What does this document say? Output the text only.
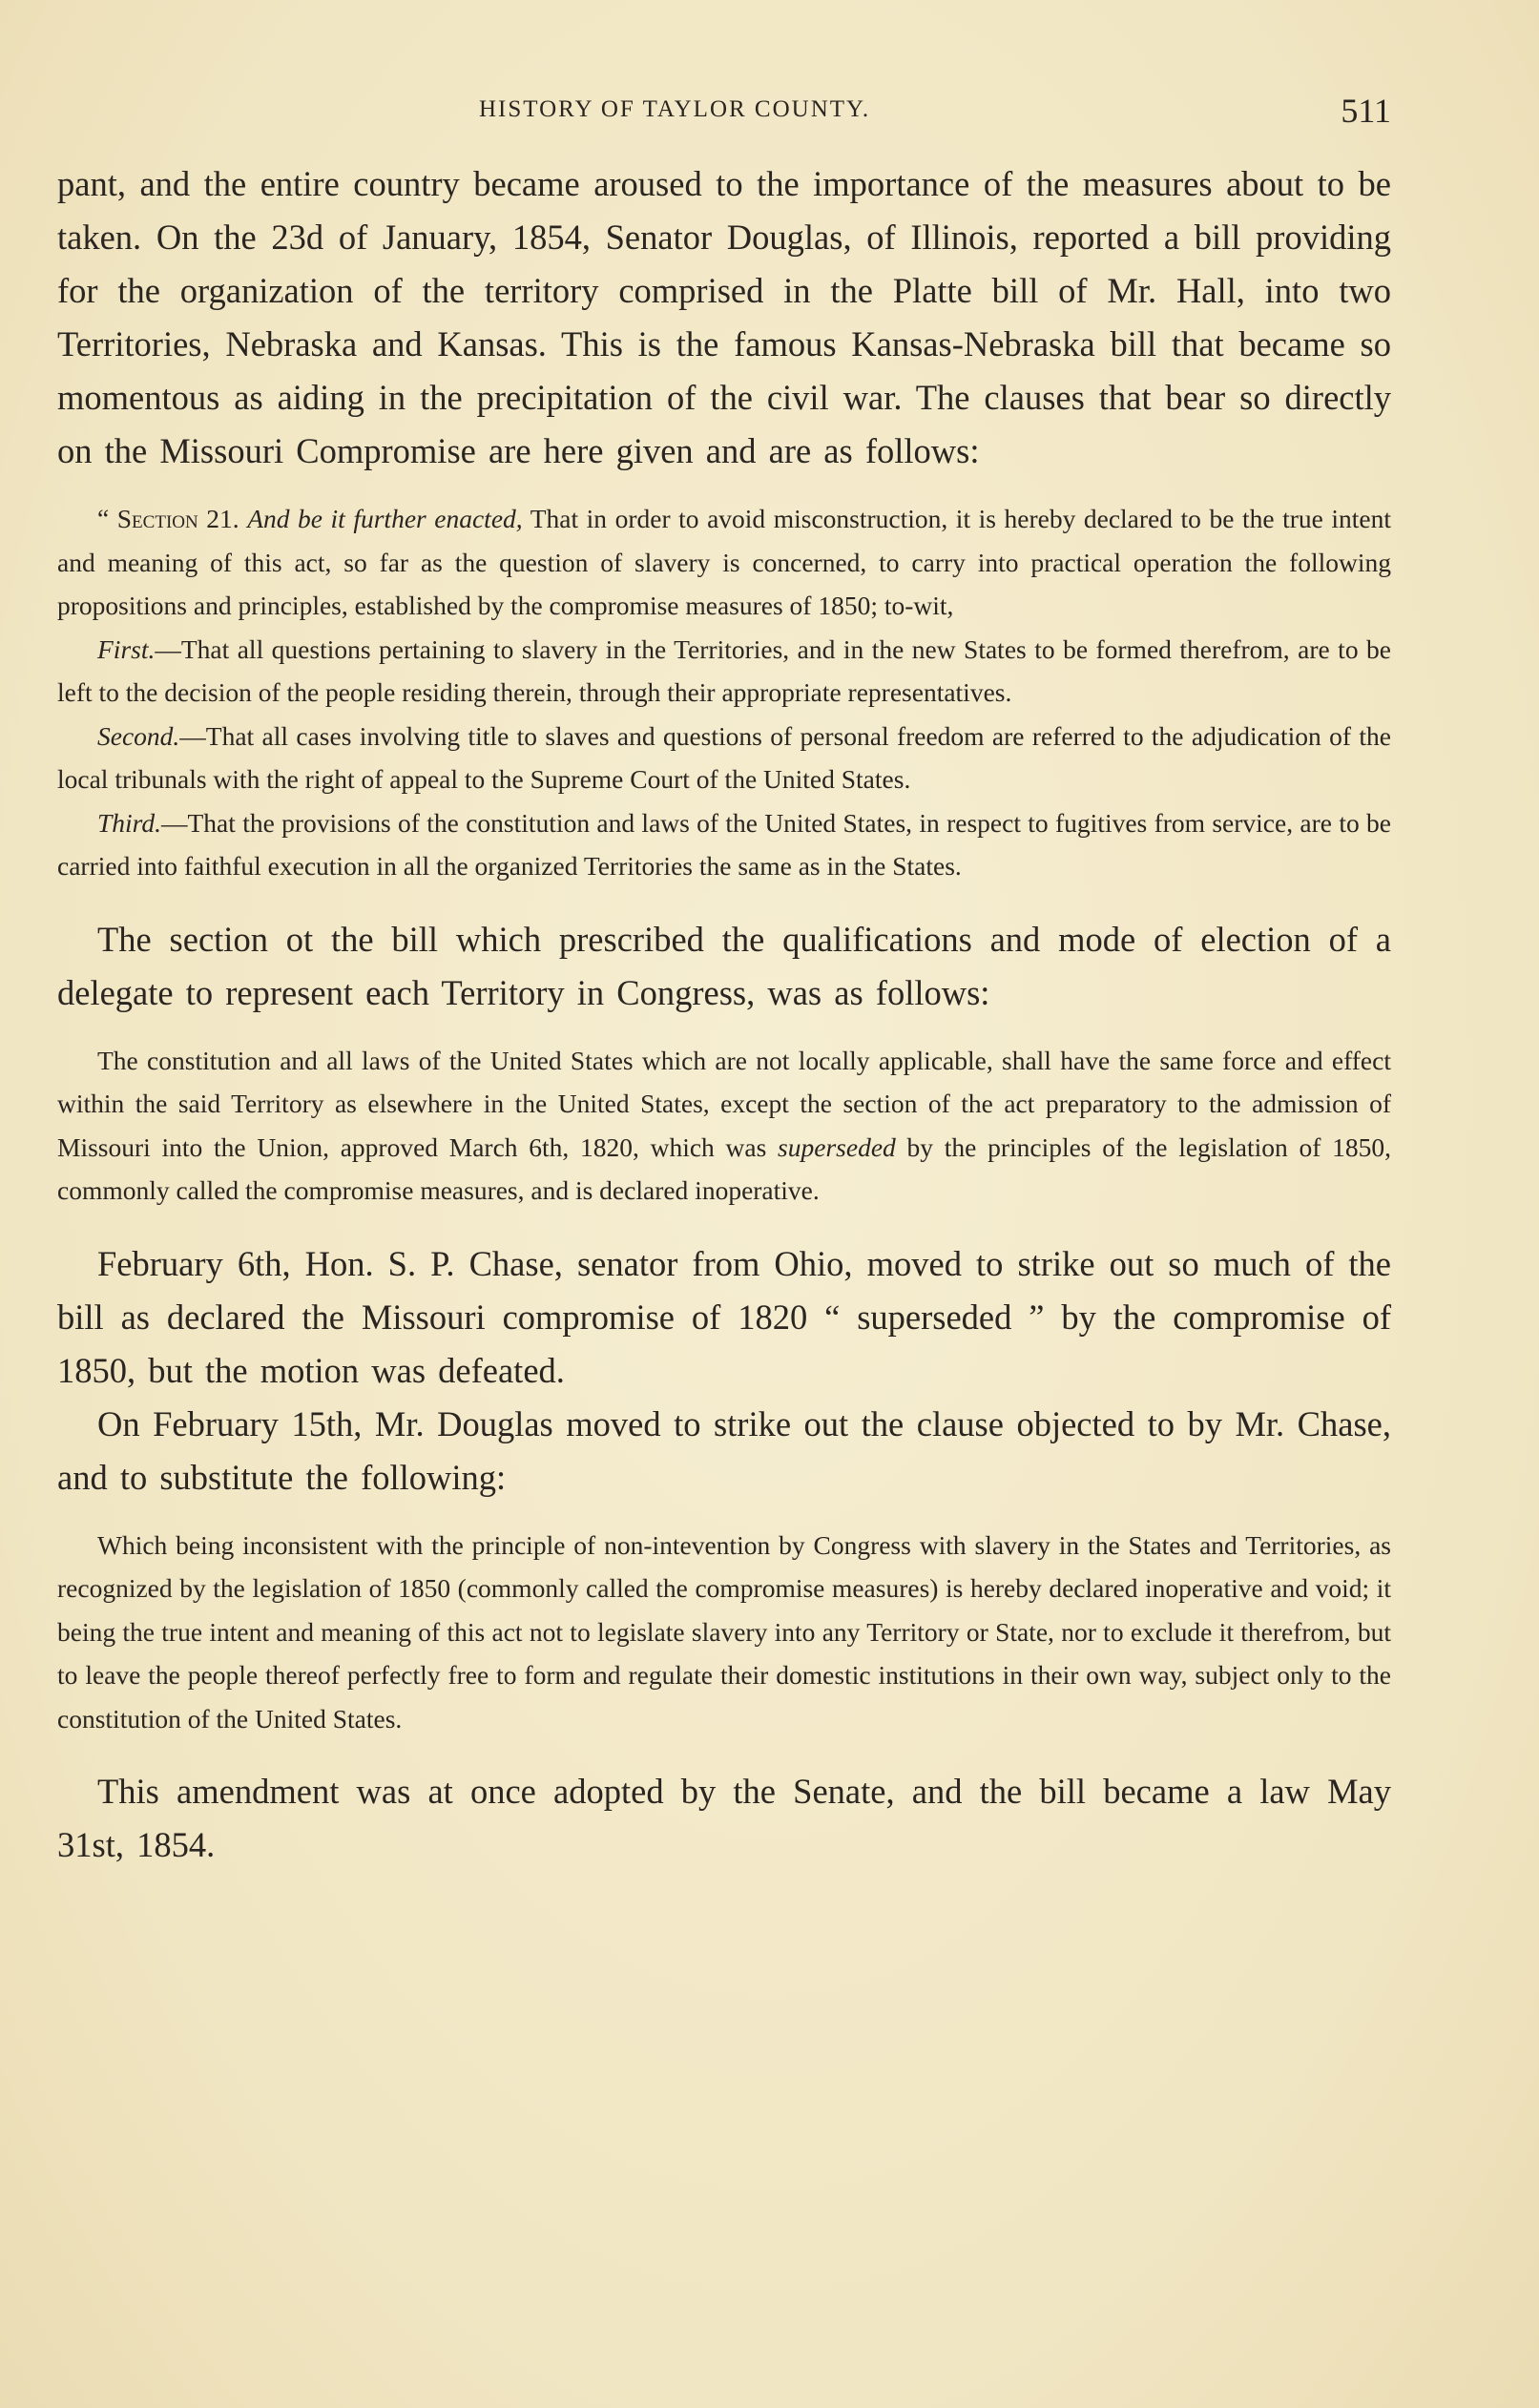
HISTORY OF TAYLOR COUNTY.	511

pant, and the entire country became aroused to the importance of the measures about to be taken. On the 23d of January, 1854, Senator Douglas, of Illinois, reported a bill providing for the organization of the territory comprised in the Platte bill of Mr. Hall, into two Territories, Nebraska and Kansas. This is the famous Kansas-Nebraska bill that became so momentous as aiding in the precipitation of the civil war. The clauses that bear so directly on the Missouri Compromise are here given and are as follows:

“ Section 21. And be it further enacted, That in order to avoid misconstruction, it is hereby declared to be the true intent and meaning of this act, so far as the question of slavery is concerned, to carry into practical operation the following propositions and principles, established by the compromise measures of 1850; to-wit,

First.—That all questions pertaining to slavery in the Territories, and in the new States to be formed therefrom, are to be left to the decision of the people residing therein, through their appropriate representatives.

Second.—That all cases involving title to slaves and questions of personal freedom are referred to the adjudication of the local tribunals with the right of appeal to the Supreme Court of the United States.

Third.—That the provisions of the constitution and laws of the United States, in respect to fugitives from service, are to be carried into faithful execution in all the organized Territories the same as in the States.

The section ot the bill which prescribed the qualifications and mode of election of a delegate to represent each Territory in Congress, was as follows:

The constitution and all laws of the United States which are not locally applicable, shall have the same force and effect within the said Territory as elsewhere in the United States, except the section of the act preparatory to the admission of Missouri into the Union, approved March 6th, 1820, which was superseded by the principles of the legislation of 1850, commonly called the compromise measures, and is declared inoperative.

February 6th, Hon. S. P. Chase, senator from Ohio, moved to strike out so much of the bill as declared the Missouri compromise of 1820 “ superseded ” by the compromise of 1850, but the motion was defeated.

On February 15th, Mr. Douglas moved to strike out the clause objected to by Mr. Chase, and to substitute the following:

Which being inconsistent with the principle of non-intevention by Congress with slavery in the States and Territories, as recognized by the legislation of 1850 (commonly called the compromise measures) is hereby declared inoperative and void; it being the true intent and meaning of this act not to legislate slavery into any Territory or State, nor to exclude it therefrom, but to leave the people thereof perfectly free to form and regulate their domestic institutions in their own way, subject only to the constitution of the United States.

This amendment was at once adopted by the Senate, and the bill became a law May 31st, 1854.
